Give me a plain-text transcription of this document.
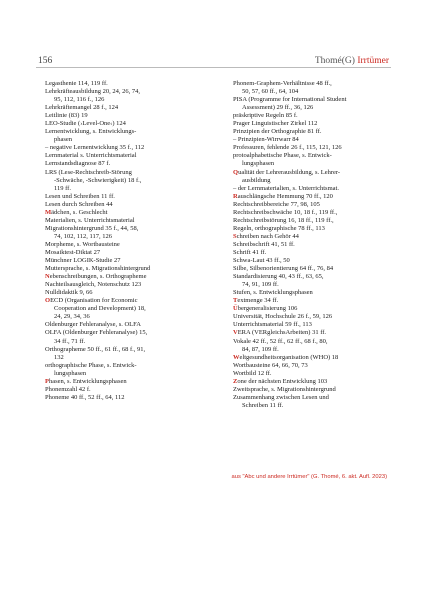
156	Thomé(G) Irrtümer

Legasthenie 114, 119 ff.

Lehrkräfteausbildung 20, 24, 26, 74,

95, 112, 116 f., 126

Lehrkräftemangel 28 f., 124

Leitlinie (83) 19

LEO-Studie (›Level-One‹) 124

Lernentwicklung, s. Entwicklungs-

phasen

– negative Lernentwicklung 35 f., 112

Lernmaterial s. Unterrichtsmaterial

Lernstandsdiagnose 87 f.

LRS (Lese-Rechtschreib-Störung

-Schwäche, -Schwierigkeit) 18 f.,

119 ff.

Lesen und Schreiben 11 ff.

Lesen durch Schreiben 44

Mädchen, s. Geschlecht

Materialien, s. Unterrichtsmaterial

Migrationshintergrund 35 f., 44, 58,

74, 102, 112, 117, 126

Morpheme, s. Wortbausteine

Mosaiktest-Diktat 27

Münchner LOGIK-Studie 27

Muttersprache, s. Migrationshintergrund

Nebenschreibungen, s. Orthographeme

Nachteilsausgleich, Notenschutz 123

Nulldidaktik 9, 66

OECD (Organisation for Economic

Cooperation and Development) 18,

24, 29, 34, 36

Oldenburger Fehleranalyse, s. OLFA

OLFA (Oldenburger Fehleranalyse) 15,

34 ff., 71 ff.

Orthographeme 50 ff., 61 ff., 68 f., 91,

132

orthographische Phase, s. Entwick-

lungsphasen

Phasen, s. Entwicklungsphasen

Phonemzahl 42 f.

Phoneme 40 ff., 52 ff., 64, 112

Phonem-Graphem-Verhältnisse 48 ff.,

50, 57, 60 ff., 64, 104

PISA (Programme for International Student

Assessment) 29 ff., 36, 126

präskriptive Regeln 85 f.

Prager Linguistischer Zirkel 112

Prinzipien der Orthographie 81 ff.

– Prinzipien-Wirrwarr 84

Professuren, fehlende 26 f., 115, 121, 126

protoalphabetische Phase, s. Entwick-

lungsphasen

Qualität der Lehrerausbildung, s. Lehrer-

ausbildung

– der Lernmaterialien, s. Unterrichtsmat.

Rauschlängsche Hemmung 70 ff., 120

Rechtschreibbereiche 77, 98, 105

Rechtschreibschwäche 10, 18 f., 119 ff.,

Rechtschreibstörung 16, 18 ff., 119 ff.,

Regeln, orthographische 78 ff., 113

Schreiben nach Gehör 44

Schreibschrift 41, 51 ff.

Schrift 41 ff.

Schwa-Laut 43 ff., 50

Silbe, Silbenorientierung 64 ff., 76, 84

Standardisierung 40, 43 ff., 63, 65,

74, 91, 109 ff.

Stufen, s. Entwicklungsphasen

Textmenge 34 ff.

Übergeneralisierung 106

Universität, Hochschule 26 f., 59, 126

Unterrichtsmaterial 59 ff., 113

VERA (VERgleichsArbeiten) 31 ff.

Vokale 42 ff., 52 ff., 62 ff., 68 f., 80,

84, 87, 109 ff.

Weltgesundheitsorganisation (WHO) 18

Wortbausteine 64, 66, 70, 73

Wortbild 12 ff.

Zone der nächsten Entwicklung 103

Zweitsprache, s. Migrationshintergrund

Zusammenhang zwischen Lesen und

Schreiben 11 ff.

aus "Abc und andere Irrtümer" (G. Thomé, 6. akt. Aufl. 2023)
